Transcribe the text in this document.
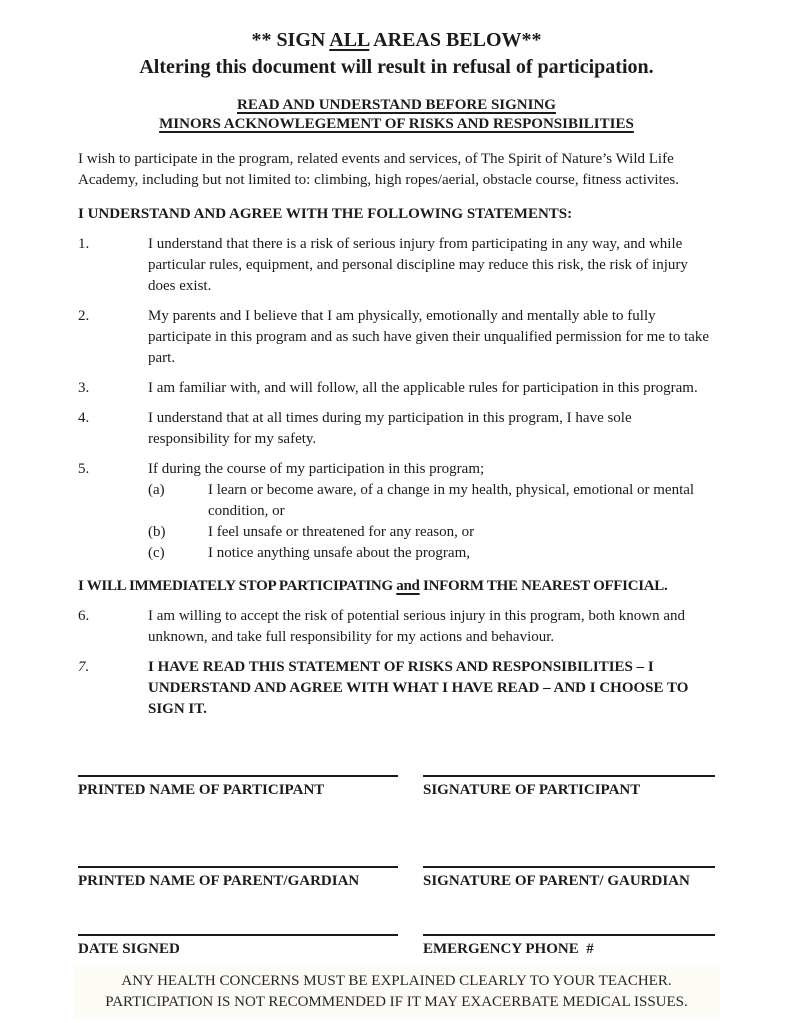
** SIGN ALL AREAS BELOW**
Altering this document will result in refusal of participation.
READ AND UNDERSTAND BEFORE SIGNING
MINORS ACKNOWLEGEMENT OF RISKS AND RESPONSIBILITIES
I wish to participate in the program, related events and services, of The Spirit of Nature’s Wild Life Academy, including but not limited to: climbing, high ropes/aerial, obstacle course, fitness activites.
I UNDERSTAND AND AGREE WITH THE FOLLOWING STATEMENTS:
1.	I understand that there is a risk of serious injury from participating in any way, and while particular rules, equipment, and personal discipline may reduce this risk, the risk of injury does exist.
2.	My parents and I believe that I am physically, emotionally and mentally able to fully participate in this program and as such have given their unqualified permission for me to take part.
3.	I am familiar with, and will follow, all the applicable rules for participation in this program.
4.	I understand that at all times during my participation in this program, I have sole responsibility for my safety.
5.	If during the course of my participation in this program;
(a)	I learn or become aware, of a change in my health, physical, emotional or mental condition, or
(b)	I feel unsafe or threatened for any reason, or
(c)	I notice anything unsafe about the program,
I WILL IMMEDIATELY STOP PARTICIPATING and INFORM THE NEAREST OFFICIAL.
6.	I am willing to accept the risk of potential serious injury in this program, both known and unknown, and take full responsibility for my actions and behaviour.
7.	I HAVE READ THIS STATEMENT OF RISKS AND RESPONSIBILITIES – I UNDERSTAND AND AGREE WITH WHAT I HAVE READ – AND I CHOOSE TO SIGN IT.
PRINTED NAME OF PARTICIPANT	SIGNATURE OF PARTICIPANT
PRINTED NAME OF PARENT/GARDIAN	SIGNATURE OF PARENT/ GAURDIAN
DATE SIGNED	EMERGENCY PHONE  #
ANY HEALTH CONCERNS MUST BE EXPLAINED CLEARLY TO YOUR TEACHER.
PARTICIPATION IS NOT RECOMMENDED IF IT MAY EXACERBATE MEDICAL ISSUES.
